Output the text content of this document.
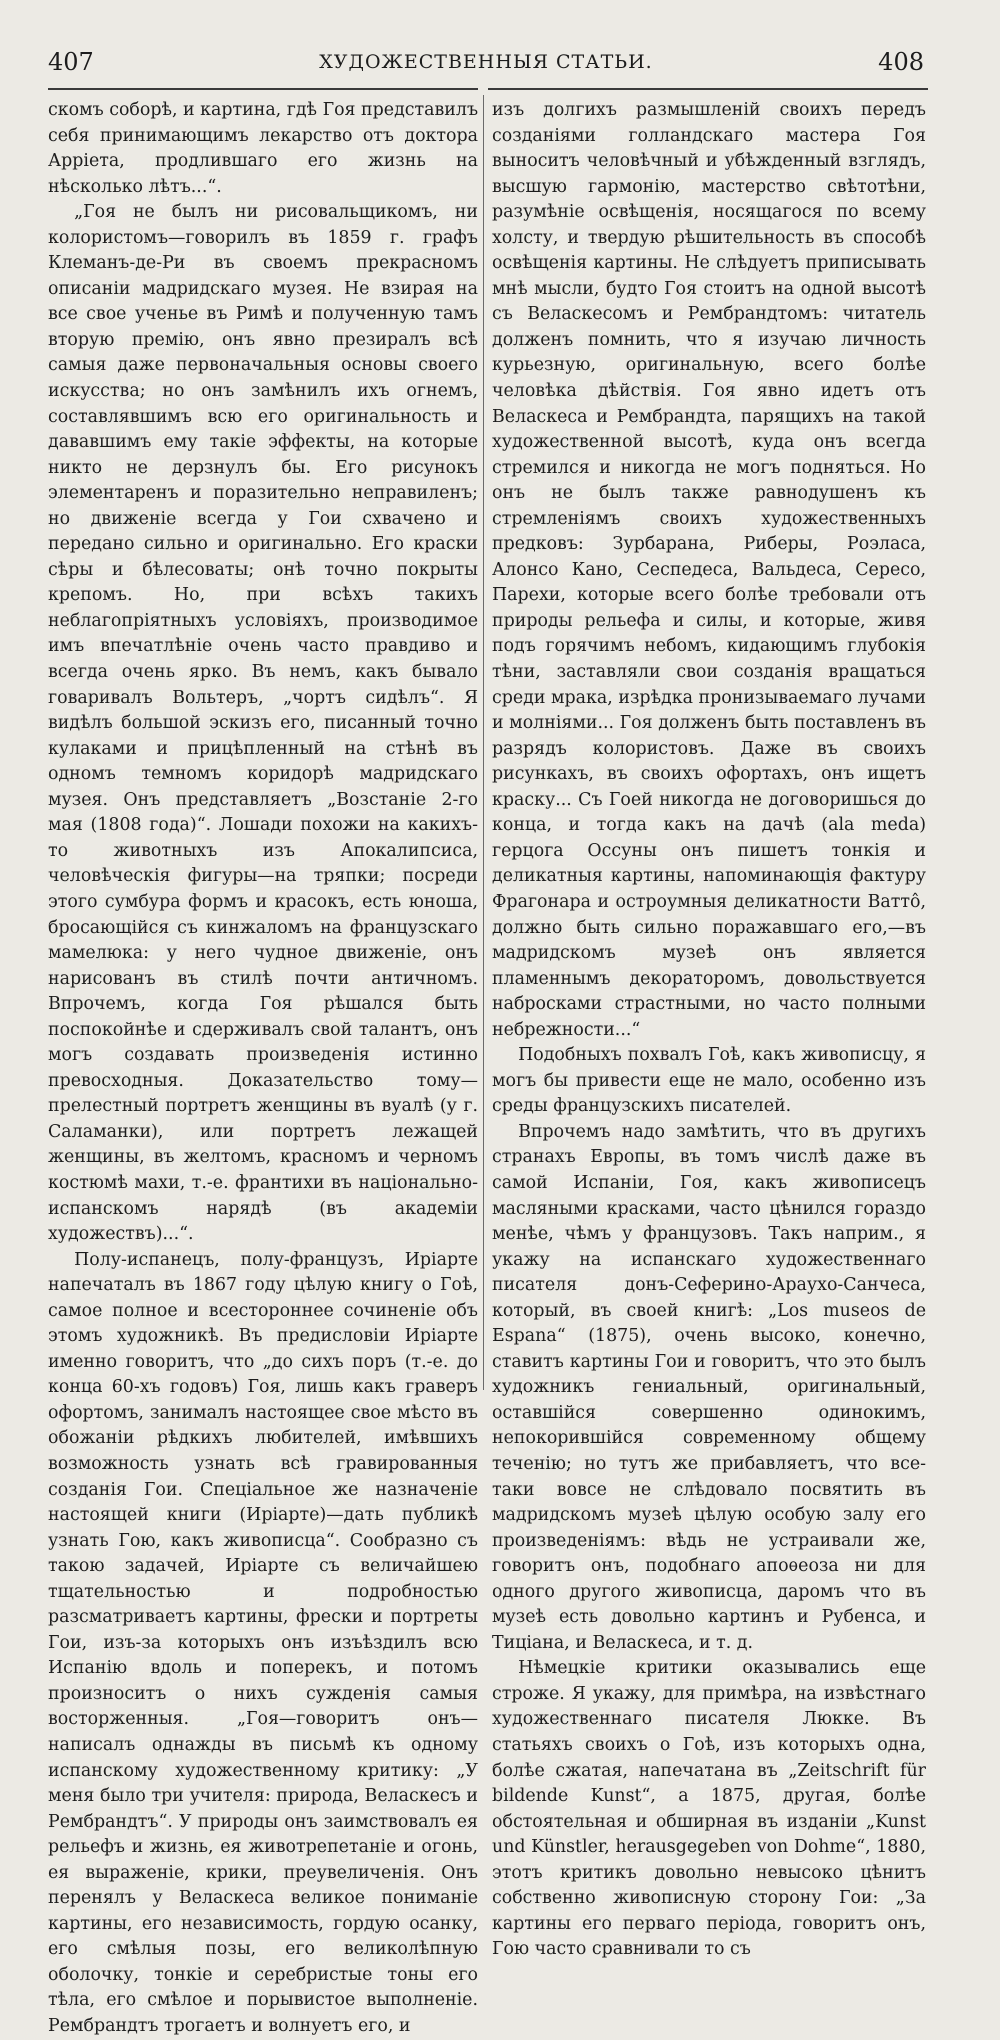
407	ХУДОЖЕСТВЕННЫЯ СТАТЬИ.	408

скомъ соборѣ, и картина, гдѣ Гоя представилъ себя принимающимъ лекарство отъ доктора Аррiета, продлившаго его жизнь на нѣсколько лѣтъ...“.

„Гоя не былъ ни рисовальщикомъ, ни колористомъ—говорилъ въ 1859 г. графъ Клеманъ-де-Ри въ своемъ прекрасномъ описанiи мадридскаго музея. Не взирая на все свое ученье въ Римѣ и полученную тамъ вторую премiю, онъ явно презиралъ всѣ самыя даже первоначальныя основы своего искусства; но онъ замѣнилъ ихъ огнемъ, составлявшимъ всю его оригинальность и дававшимъ ему такiе эффекты, на которые никто не дерзнулъ бы. Его рисунокъ элементаренъ и поразительно неправиленъ; но движенiе всегда у Гои схвачено и передано сильно и оригинально. Его краски сѣры и бѣлесоваты; онѣ точно покрыты крепомъ. Но, при всѣхъ такихъ неблагопрiятныхъ условiяхъ, производимое имъ впечатлѣнiе очень часто правдиво и всегда очень ярко. Въ немъ, какъ бывало говаривалъ Вольтеръ, „чортъ сидѣлъ“. Я видѣлъ большой эскизъ его, писанный точно кулаками и прицѣпленный на стѣнѣ въ одномъ темномъ коридорѣ мадридскаго музея. Онъ представляетъ „Возстанiе 2-го мая (1808 года)“. Лошади похожи на какихъ-то животныхъ изъ Апокалипсиса, человѣческiя фигуры—на тряпки; посреди этого сумбура формъ и красокъ, есть юноша, бросающiйся съ кинжаломъ на французскаго мамелюка: у него чудное движенiе, онъ нарисованъ въ стилѣ почти античномъ. Впрочемъ, когда Гоя рѣшался быть поспокойнѣе и сдерживалъ свой талантъ, онъ могъ создавать произведенiя истинно превосходныя. Доказательство тому—прелестный портретъ женщины въ вуалѣ (у г. Саламанки), или портретъ лежащей женщины, въ желтомъ, красномъ и черномъ костюмѣ махи, т.-е. франтихи въ нацiонально-испанскомъ нарядѣ (въ академiи художествъ)...“.

Полу-испанецъ, полу-французъ, Ирiарте напечаталъ въ 1867 году цѣлую книгу о Гоѣ, самое полное и всестороннее сочиненiе объ этомъ художникѣ. Въ предисловiи Ирiарте именно говоритъ, что „до сихъ поръ (т.-е. до конца 60-хъ годовъ) Гоя, лишь какъ граверъ офортомъ, занималъ настоящее свое мѣсто въ обожанiи рѣдкихъ любителей, имѣвшихъ возможность узнать всѣ гравированныя созданiя Гои. Спецiальное же назначенiе настоящей книги (Ирiарте)—дать публикѣ узнать Гою, какъ живописца“. Сообразно съ такою задачей, Ирiарте съ величайшею тщательностью и подробностью разсматриваетъ картины, фрески и портреты Гои, изъ-за которыхъ онъ изъѣздилъ всю Испанiю вдоль и поперекъ, и потомъ произноситъ о нихъ сужденiя самыя восторженныя. „Гоя—говоритъ онъ—написалъ однажды въ письмѣ къ одному испанскому художественному критику: „У меня было три учителя: природа, Веласкесъ и Рембрандтъ“. У природы онъ заимствовалъ ея рельефъ и жизнь, ея животрепетанiе и огонь, ея выраженiе, крики, преувеличенiя. Онъ перенялъ у Веласкеса великое пониманiе картины, его независимость, гордую осанку, его смѣлыя позы, его великолѣпную оболочку, тонкiе и серебристые тоны его тѣла, его смѣлое и порывистое выполненiе. Рембрандтъ трогаетъ и волнуетъ его, и

изъ долгихъ размышленiй своихъ передъ созданiями голландскаго мастера Гоя выноситъ человѣчный и убѣжденный взглядъ, высшую гармонiю, мастерство свѣтотѣни, разумѣнiе освѣщенiя, носящагося по всему холсту, и твердую рѣшительность въ способѣ освѣщенiя картины. Не слѣдуетъ приписывать мнѣ мысли, будто Гоя стоитъ на одной высотѣ съ Веласкесомъ и Рембрандтомъ: читатель долженъ помнить, что я изучаю личность курьезную, оригинальную, всего болѣе человѣка дѣйствiя. Гоя явно идетъ отъ Веласкеса и Рембрандта, парящихъ на такой художественной высотѣ, куда онъ всегда стремился и никогда не могъ подняться. Но онъ не былъ также равнодушенъ къ стремленiямъ своихъ художественныхъ предковъ: Зурбарана, Риберы, Роэласа, Алонсо Кано, Сеспедеса, Вальдеса, Сересо, Парехи, которые всего болѣе требовали отъ природы рельефа и силы, и которые, живя подъ горячимъ небомъ, кидающимъ глубокiя тѣни, заставляли свои созданiя вращаться среди мрака, изрѣдка пронизываемаго лучами и молнiями... Гоя долженъ быть поставленъ въ разрядъ колористовъ. Даже въ своихъ рисункахъ, въ своихъ офортахъ, онъ ищетъ краску... Съ Гоей никогда не договоришься до конца, и тогда какъ на дачѣ (ala meda) герцога Оссуны онъ пишетъ тонкiя и деликатныя картины, напоминающiя фактуру Фрагонара и остроумныя деликатности Ваттô, должно быть сильно поражавшаго его,—въ мадридскомъ музеѣ онъ является пламеннымъ декораторомъ, довольствуется набросками страстными, но часто полными небрежности...“

Подобныхъ похвалъ Гоѣ, какъ живописцу, я могъ бы привести еще не мало, особенно изъ среды французскихъ писателей.

Впрочемъ надо замѣтить, что въ другихъ странахъ Европы, въ томъ числѣ даже въ самой Испанiи, Гоя, какъ живописецъ масляными красками, часто цѣнился гораздо менѣе, чѣмъ у французовъ. Такъ наприм., я укажу на испанскаго художественнаго писателя донъ-Сеферино-Араухо-Санчеса, который, въ своей книгѣ: „Los museos de Espana“ (1875), очень высоко, конечно, ставитъ картины Гои и говоритъ, что это былъ художникъ гениальный, оригинальный, оставшiйся совершенно одинокимъ, непокорившiйся современному общему теченiю; но тутъ же прибавляетъ, что все-таки вовсе не слѣдовало посвятить въ мадридскомъ музеѣ цѣлую особую залу его произведенiямъ: вѣдь не устраивали же, говоритъ онъ, подобнаго апоѳеоза ни для одного другого живописца, даромъ что въ музеѣ есть довольно картинъ и Рубенса, и Тицiана, и Веласкеса, и т. д.

Нѣмецкiе критики оказывались еще строже. Я укажу, для примѣра, на извѣстнаго художественнаго писателя Люкке. Въ статьяхъ своихъ о Гоѣ, изъ которыхъ одна, болѣе сжатая, напечатана въ „Zeitschrift für bildende Kunst“, а 1875, другая, болѣе обстоятельная и обширная въ изданiи „Kunst und Künstler, herausgegeben von Dohme“, 1880, этотъ критикъ довольно невысоко цѣнитъ собственно живописную сторону Гои: „За картины его перваго перiода, говоритъ онъ, Гою часто сравнивали то съ
